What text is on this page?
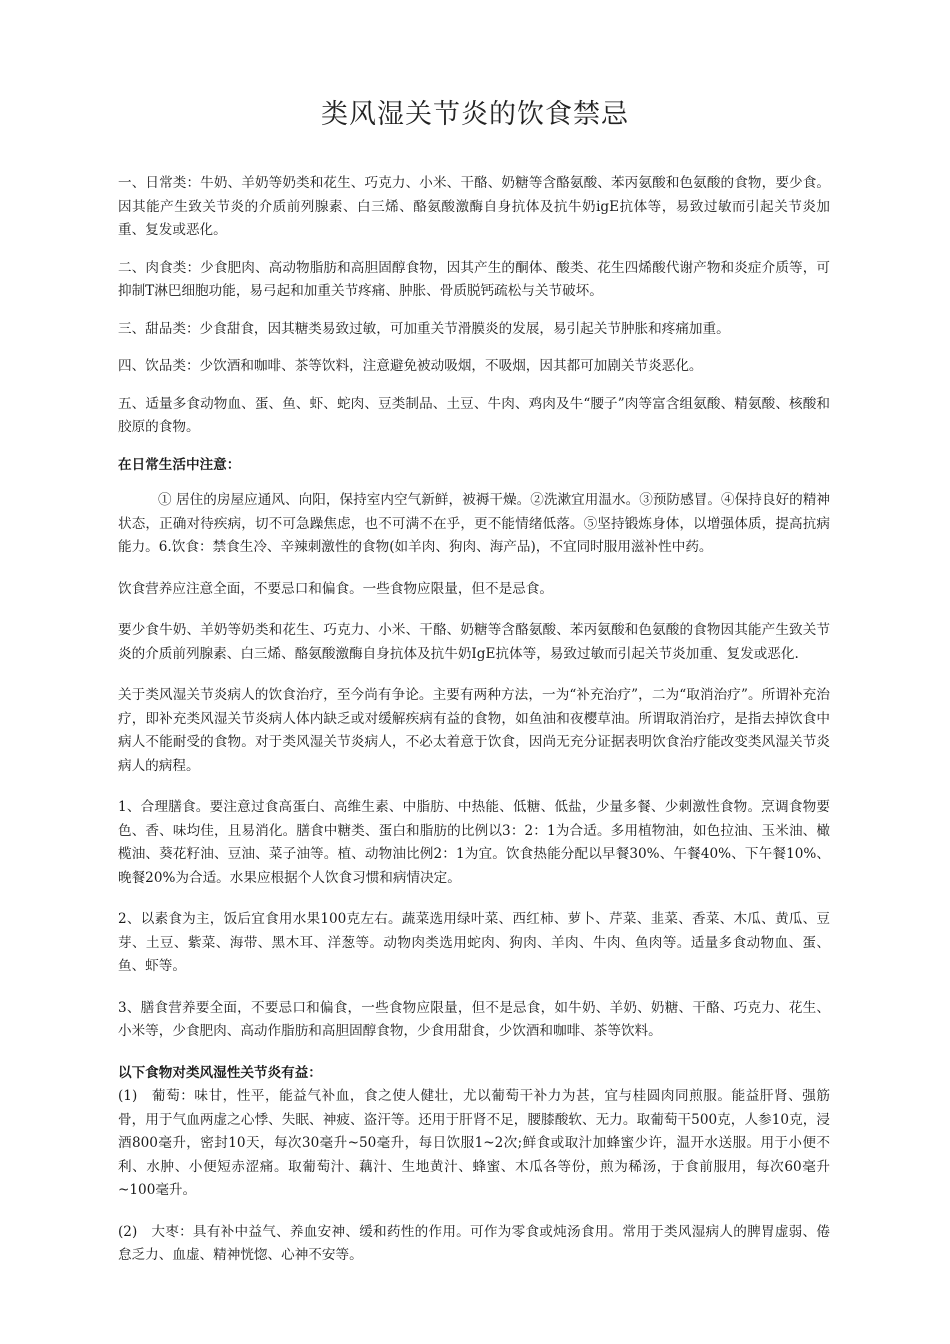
类风湿关节炎的饮食禁忌

一、日常类：牛奶、羊奶等奶类和花生、巧克力、小米、干酪、奶糖等含酪氨酸、苯丙氨酸和色氨酸的食物，要少食。因其能产生致关节炎的介质前列腺素、白三烯、酪氨酸激酶自身抗体及抗牛奶igE抗体等，易致过敏而引起关节炎加重、复发或恶化。

二、肉食类：少食肥肉、高动物脂肪和高胆固醇食物，因其产生的酮体、酸类、花生四烯酸代谢产物和炎症介质等，可抑制T淋巴细胞功能，易弓起和加重关节疼痛、肿胀、骨质脱钙疏松与关节破坏。

三、甜品类：少食甜食，因其糖类易致过敏，可加重关节滑膜炎的发展，易引起关节肿胀和疼痛加重。

四、饮品类：少饮酒和咖啡、茶等饮料，注意避免被动吸烟，不吸烟，因其都可加剧关节炎恶化。

五、适量多食动物血、蛋、鱼、虾、蛇肉、豆类制品、土豆、牛肉、鸡肉及牛“腰子”肉等富含组氨酸、精氨酸、核酸和胶原的食物。

在日常生活中注意：

① 居住的房屋应通风、向阳，保持室内空气新鲜，被褥干燥。②洗漱宜用温水。③预防感冒。④保持良好的精神状态，正确对待疾病，切不可急躁焦虑，也不可满不在乎，更不能情绪低落。⑤坚持锻炼身体，以增强体质，提高抗病能力。6.饮食：禁食生冷、辛辣刺激性的食物(如羊肉、狗肉、海产品)，不宜同时服用滋补性中药。

饮食营养应注意全面，不要忌口和偏食。一些食物应限量，但不是忌食。

要少食牛奶、羊奶等奶类和花生、巧克力、小米、干酪、奶糖等含酪氨酸、苯丙氨酸和色氨酸的食物因其能产生致关节炎的介质前列腺素、白三烯、酪氨酸激酶自身抗体及抗牛奶IgE抗体等，易致过敏而引起关节炎加重、复发或恶化.

关于类风湿关节炎病人的饮食治疗，至今尚有争论。主要有两种方法，一为“补充治疗”，二为“取消治疗”。所谓补充治疗，即补充类风湿关节炎病人体内缺乏或对缓解疾病有益的食物，如鱼油和夜樱草油。所谓取消治疗，是指去掉饮食中病人不能耐受的食物。对于类风湿关节炎病人，不必太着意于饮食，因尚无充分证据表明饮食治疗能改变类风湿关节炎病人的病程。

1、合理膳食。要注意过食高蛋白、高维生素、中脂肪、中热能、低糖、低盐，少量多餐、少刺激性食物。烹调食物要色、香、味均佳，且易消化。膳食中糖类、蛋白和脂肪的比例以3：2：1为合适。多用植物油，如色拉油、玉米油、橄榄油、葵花籽油、豆油、菜子油等。植、动物油比例2：1为宜。饮食热能分配以早餐30%、午餐40%、下午餐10%、晚餐20%为合适。水果应根据个人饮食习惯和病情决定。

2、以素食为主，饭后宜食用水果100克左右。蔬菜选用绿叶菜、西红柿、萝卜、芹菜、韭菜、香菜、木瓜、黄瓜、豆芽、土豆、紫菜、海带、黑木耳、洋葱等。动物肉类选用蛇肉、狗肉、羊肉、牛肉、鱼肉等。适量多食动物血、蛋、鱼、虾等。

3、膳食营养要全面，不要忌口和偏食，一些食物应限量，但不是忌食，如牛奶、羊奶、奶糖、干酪、巧克力、花生、小米等，少食肥肉、高动作脂肪和高胆固醇食物，少食用甜食，少饮酒和咖啡、茶等饮料。

以下食物对类风湿性关节炎有益：

(1)　葡萄：味甘，性平，能益气补血，食之使人健壮，尤以葡萄干补力为甚，宜与桂圆肉同煎服。能益肝肾、强筋骨，用于气血两虚之心悸、失眠、神疲、盗汗等。还用于肝肾不足，腰膝酸软、无力。取葡萄干500克，人参10克，浸酒800毫升，密封10天，每次30毫升~50毫升，每日饮服1~2次;鲜食或取汁加蜂蜜少许，温开水送服。用于小便不利、水肿、小便短赤涩痛。取葡萄汁、藕汁、生地黄汁、蜂蜜、木瓜各等份，煎为稀汤，于食前服用，每次60毫升~100毫升。

(2)　大枣：具有补中益气、养血安神、缓和药性的作用。可作为零食或炖汤食用。常用于类风湿病人的脾胃虚弱、倦怠乏力、血虚、精神恍惚、心神不安等。
